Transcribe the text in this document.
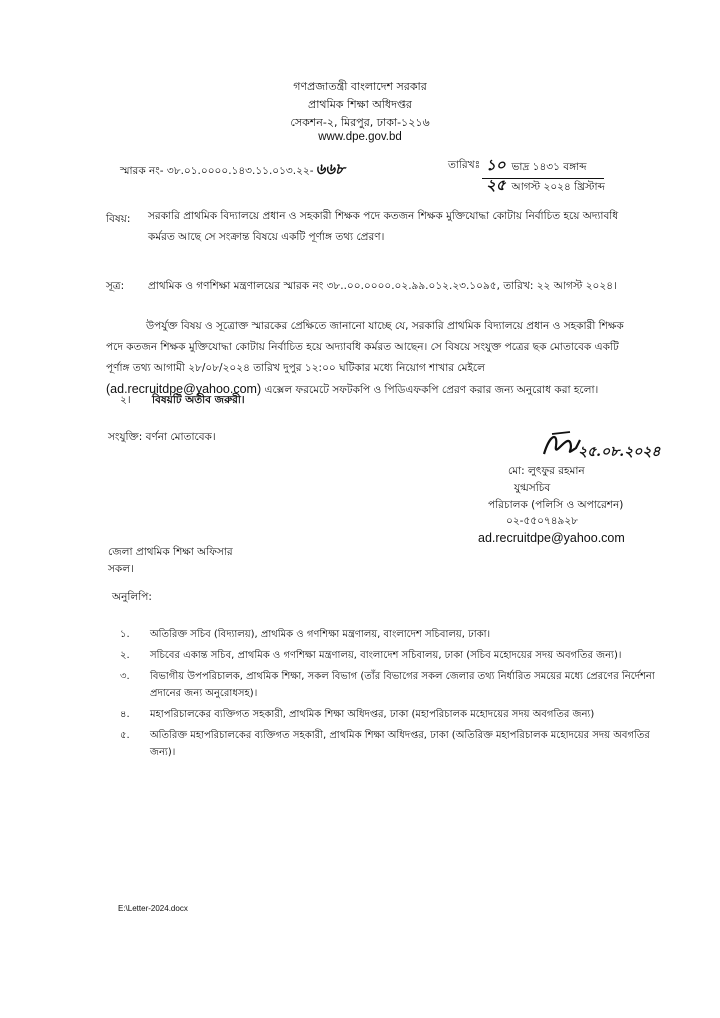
গণপ্রজাতন্ত্রী বাংলাদেশ সরকার
প্রাথমিক শিক্ষা অধিদপ্তর
সেকশন-২, মিরপুর, ঢাকা-১২১৬
www.dpe.gov.bd
স্মারক নং- ৩৮.০১.০০০০.১৪৩.১১.০১৩.২২- ৬৬৮	তারিখঃ ১০ ভাদ্র ১৪৩১ বঙ্গাব্দ
২৫ আগস্ট ২০২৪ খ্রিস্টাব্দ
বিষয়: সরকারি প্রাথমিক বিদ্যালয়ে প্রধান ও সহকারী শিক্ষক পদে কতজন শিক্ষক মুক্তিযোদ্ধা কোটায় নির্বাচিত হয়ে অদ্যাবধি কর্মরত আছে সে সংক্রান্ত বিষয়ে একটি পূর্ণাঙ্গ তথ্য প্রেরণ।
সূত্র: প্রাথমিক ও গণশিক্ষা মন্ত্রণালয়ের স্মারক নং ৩৮..০০.০০০০.০২.৯৯.০১২.২৩.১০৯৫, তারিখ: ২২ আগস্ট ২০২৪।
উপর্যুক্ত বিষয় ও সূত্রোক্ত স্মারকের প্রেক্ষিতে জানানো যাচ্ছে যে, সরকারি প্রাথমিক বিদ্যালয়ে প্রধান ও সহকারী শিক্ষক পদে কতজন শিক্ষক মুক্তিযোদ্ধা কোটায় নির্বাচিত হয়ে অদ্যাবধি কর্মরত আছেন। সে বিষয়ে সংযুক্ত পত্রের ছক মোতাবেক একটি পূর্ণাঙ্গ তথ্য আগামী ২৮/০৮/২০২৪ তারিখ দুপুর ১২:০০ ঘটিকার মধ্যে নিয়োগ শাখার মেইলে (ad.recruitdpe@yahoo.com) এক্সেল ফরমেটে সফটকপি ও পিডিএফকপি প্রেরণ করার জন্য অনুরোধ করা হলো।
২। বিষয়টি অতীব জরুরী।
সংযুক্তি: বর্ণনা মোতাবেক।
২৫.০৮.২০২৪
মো: লুৎফুর রহমান
যুগ্মসচিব
পরিচালক (পলিসি ও অপারেশন)
০২-৫৫০৭৪৯২৮
ad.recruitdpe@yahoo.com
জেলা প্রাথমিক শিক্ষা অফিসার
সকল।
অনুলিপি:
১.	অতিরিক্ত সচিব (বিদ্যালয়), প্রাথমিক ও গণশিক্ষা মন্ত্রণালয়, বাংলাদেশ সচিবালয়, ঢাকা।
২.	সচিবের একান্ত সচিব, প্রাথমিক ও গণশিক্ষা মন্ত্রণালয়, বাংলাদেশ সচিবালয়, ঢাকা (সচিব মহোদয়ের সদয় অবগতির জন্য)।
৩.	বিভাগীয় উপপরিচালক, প্রাথমিক শিক্ষা, সকল বিভাগ (তাঁর বিভাগের সকল জেলার তথ্য নির্ধারিত সময়ের মধ্যে প্রেরণের নির্দেশনা প্রদানের জন্য অনুরোধসহ)।
৪.	মহাপরিচালকের ব্যক্তিগত সহকারী, প্রাথমিক শিক্ষা অধিদপ্তর, ঢাকা (মহাপরিচালক মহোদয়ের সদয় অবগতির জন্য)
৫.	অতিরিক্ত মহাপরিচালকের ব্যক্তিগত সহকারী, প্রাথমিক শিক্ষা অধিদপ্তর, ঢাকা (অতিরিক্ত মহাপরিচালক মহোদয়ের সদয় অবগতির জন্য)।
E:\Letter-2024.docx
